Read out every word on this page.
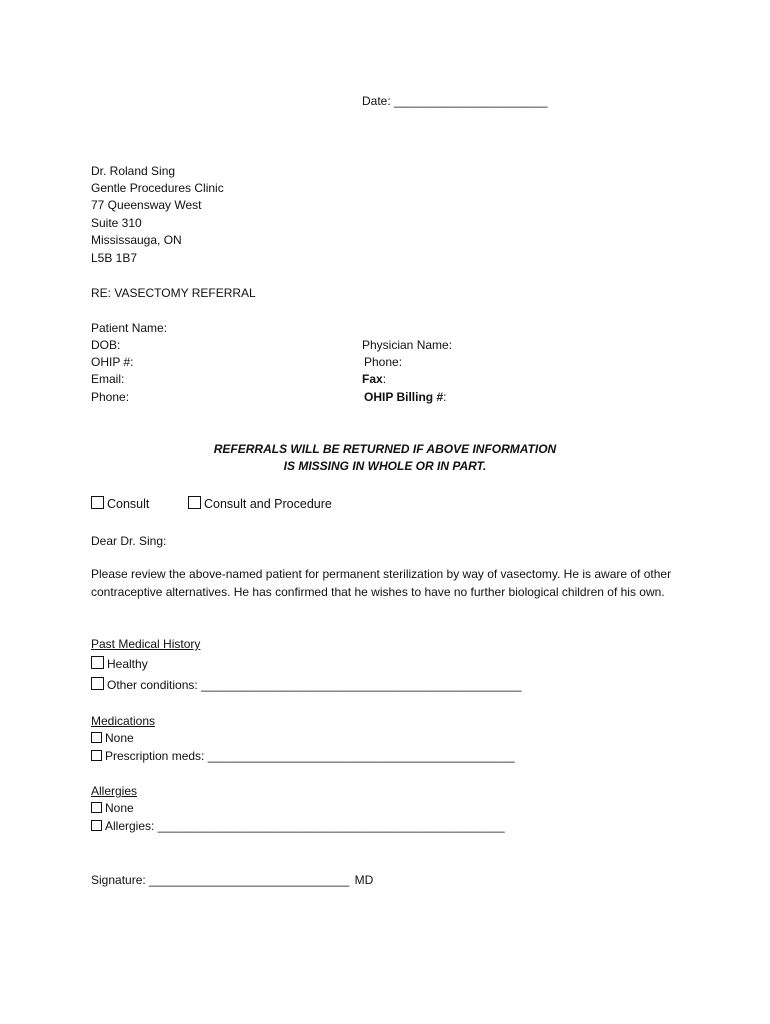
Date: _______________________
Dr. Roland Sing
Gentle Procedures Clinic
77 Queensway West
Suite 310
Mississauga, ON
L5B 1B7
RE: VASECTOMY REFERRAL
Patient Name:
DOB:
OHIP #:
Email:
Phone:
Physician Name:
Phone:
Fax:
OHIP Billing #:
REFERRALS WILL BE RETURNED IF ABOVE INFORMATION
IS MISSING IN WHOLE OR IN PART.
Consult	Consult and Procedure
Dear Dr. Sing:
Please review the above-named patient for permanent sterilization by way of vasectomy. He is aware of other contraceptive alternatives. He has confirmed that he wishes to have no further biological children of his own.
Past Medical History
Healthy
Other conditions: ________________________________________________
Medications
None
Prescription meds: ______________________________________________
Allergies
None
Allergies: ____________________________________________________
Signature: ______________________________ MD
